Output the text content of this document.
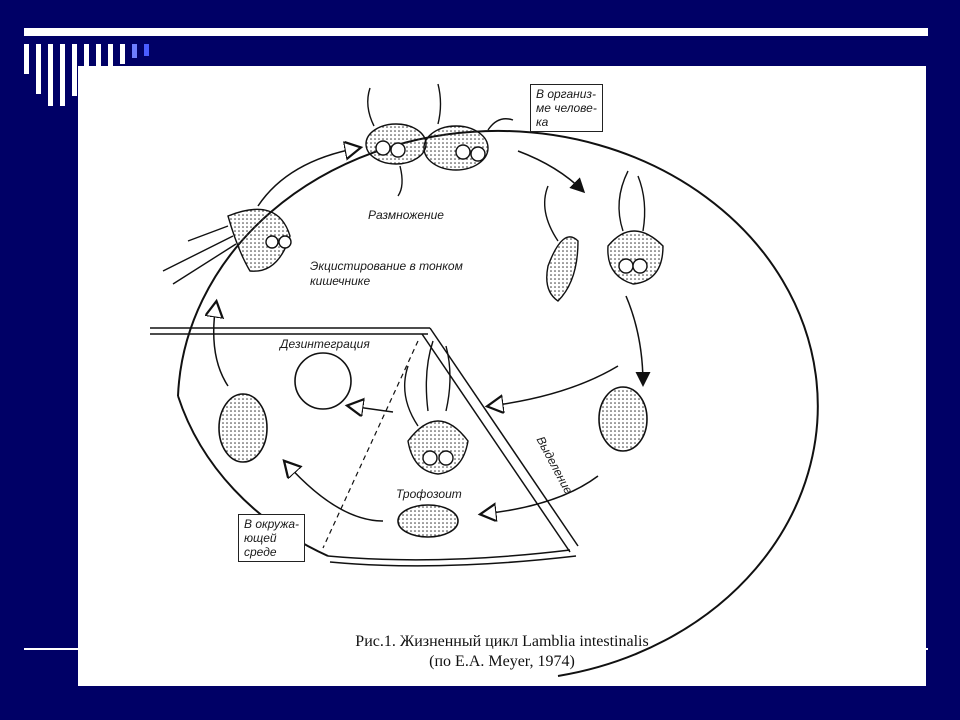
Размножение
Экцистирование в тонком
кишечнике
Дезинтеграция
Трофозоит	Выделение
В организ-
ме челове-
ка
В окружа-
ющей
среде
Рис.1. Жизненный цикл Lamblia intestinalis
(по Е.А. Meyer, 1974)
